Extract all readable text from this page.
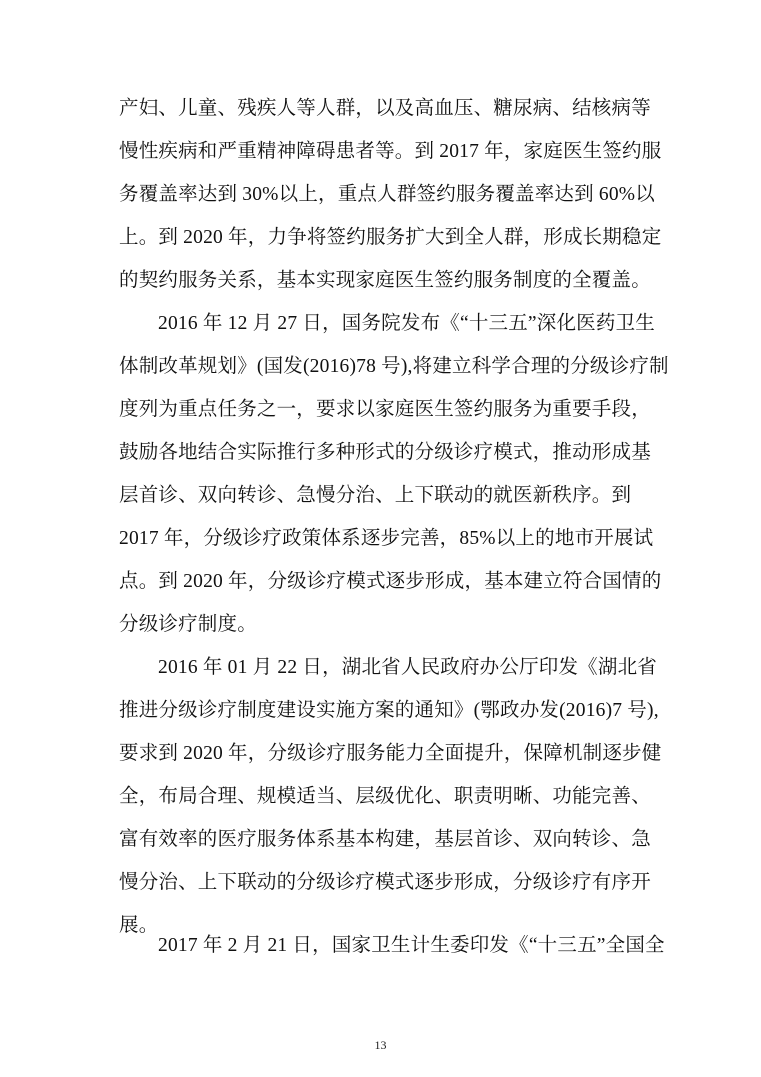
产妇、儿童、残疾人等人群，以及高血压、糖尿病、结核病等
慢性疾病和严重精神障碍患者等。到 2017 年，家庭医生签约服
务覆盖率达到 30%以上，重点人群签约服务覆盖率达到 60%以
上。到 2020 年，力争将签约服务扩大到全人群，形成长期稳定
的契约服务关系，基本实现家庭医生签约服务制度的全覆盖。
2016 年 12 月 27 日，国务院发布《“十三五”深化医药卫生
体制改革规划》(国发(2016)78 号),将建立科学合理的分级诊疗制
度列为重点任务之一，要求以家庭医生签约服务为重要手段，
鼓励各地结合实际推行多种形式的分级诊疗模式，推动形成基
层首诊、双向转诊、急慢分治、上下联动的就医新秩序。到
2017 年，分级诊疗政策体系逐步完善，85%以上的地市开展试
点。到 2020 年，分级诊疗模式逐步形成，基本建立符合国情的
分级诊疗制度。
2016 年 01 月 22 日，湖北省人民政府办公厅印发《湖北省
推进分级诊疗制度建设实施方案的通知》(鄂政办发(2016)7 号),
要求到 2020 年，分级诊疗服务能力全面提升，保障机制逐步健
全，布局合理、规模适当、层级优化、职责明晰、功能完善、
富有效率的医疗服务体系基本构建，基层首诊、双向转诊、急
慢分治、上下联动的分级诊疗模式逐步形成，分级诊疗有序开
展。
2017 年 2 月 21 日，国家卫生计生委印发《“十三五”全国全
13
